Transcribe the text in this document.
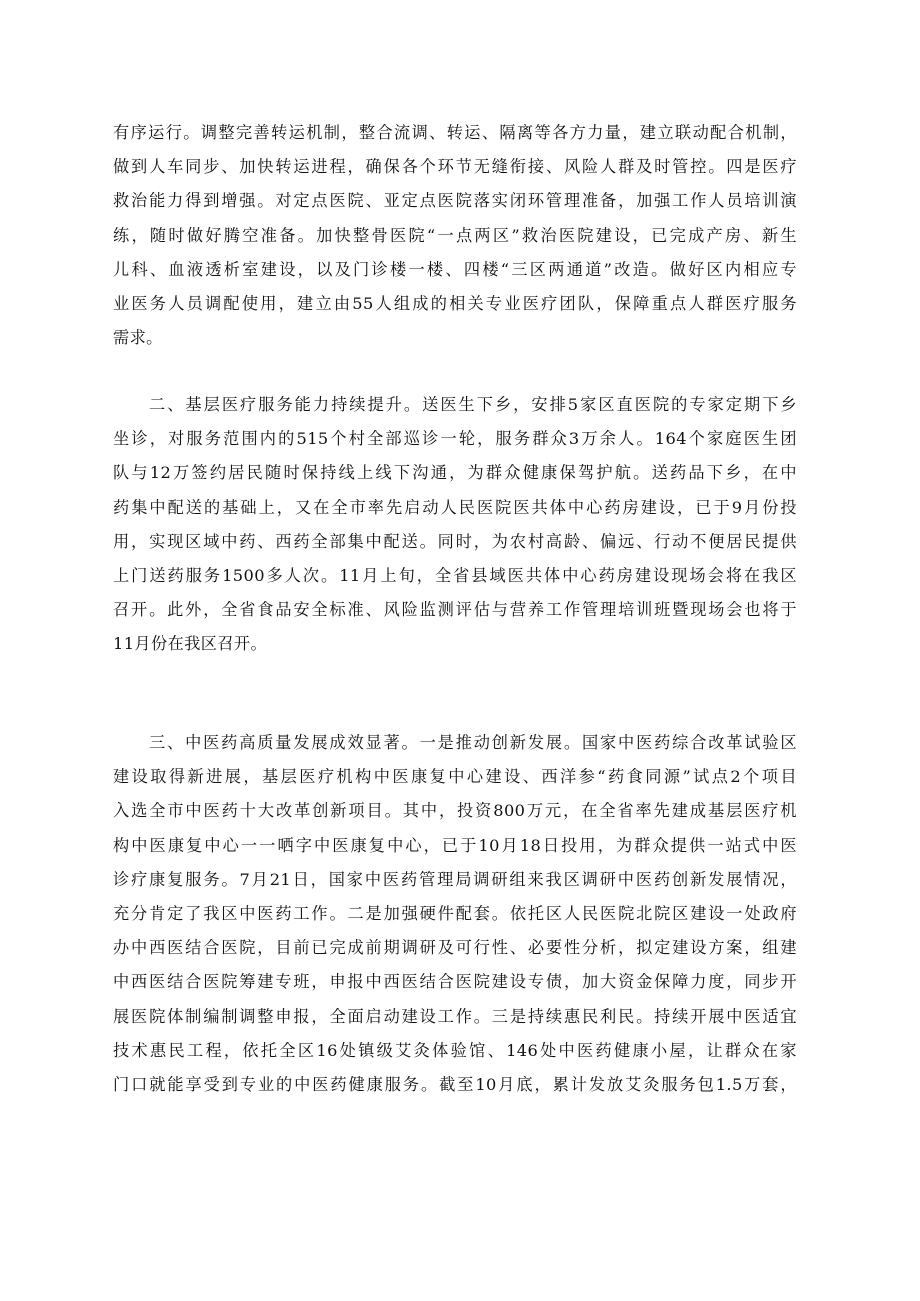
有序运行。调整完善转运机制，整合流调、转运、隔离等各方力量，建立联动配合机制，
做到人车同步、加快转运进程，确保各个环节无缝衔接、风险人群及时管控。四是医疗
救治能力得到增强。对定点医院、亚定点医院落实闭环管理准备，加强工作人员培训演
练，随时做好腾空准备。加快整骨医院“一点两区”救治医院建设，已完成产房、新生
儿科、血液透析室建设，以及门诊楼一楼、四楼“三区两通道”改造。做好区内相应专
业医务人员调配使用，建立由55人组成的相关专业医疗团队，保障重点人群医疗服务
需求。
二、基层医疗服务能力持续提升。送医生下乡，安排5家区直医院的专家定期下乡
坐诊，对服务范围内的515个村全部巡诊一轮，服务群众3万余人。164个家庭医生团
队与12万签约居民随时保持线上线下沟通，为群众健康保驾护航。送药品下乡，在中
药集中配送的基础上，又在全市率先启动人民医院医共体中心药房建设，已于9月份投
用，实现区域中药、西药全部集中配送。同时，为农村高龄、偏远、行动不便居民提供
上门送药服务1500多人次。11月上旬，全省县域医共体中心药房建设现场会将在我区
召开。此外，全省食品安全标准、风险监测评估与营养工作管理培训班暨现场会也将于
11月份在我区召开。
三、中医药高质量发展成效显著。一是推动创新发展。国家中医药综合改革试验区
建设取得新进展，基层医疗机构中医康复中心建设、西洋参“药食同源”试点2个项目
入选全市中医药十大改革创新项目。其中，投资800万元，在全省率先建成基层医疗机
构中医康复中心一一哂字中医康复中心，已于10月18日投用，为群众提供一站式中医
诊疗康复服务。7月21日，国家中医药管理局调研组来我区调研中医药创新发展情况，
充分肯定了我区中医药工作。二是加强硬件配套。依托区人民医院北院区建设一处政府
办中西医结合医院，目前已完成前期调研及可行性、必要性分析，拟定建设方案，组建
中西医结合医院筹建专班，申报中西医结合医院建设专债，加大资金保障力度，同步开
展医院体制编制调整申报，全面启动建设工作。三是持续惠民利民。持续开展中医适宜
技术惠民工程，依托全区16处镇级艾灸体验馆、146处中医药健康小屋，让群众在家
门口就能享受到专业的中医药健康服务。截至10月底，累计发放艾灸服务包1.5万套，
